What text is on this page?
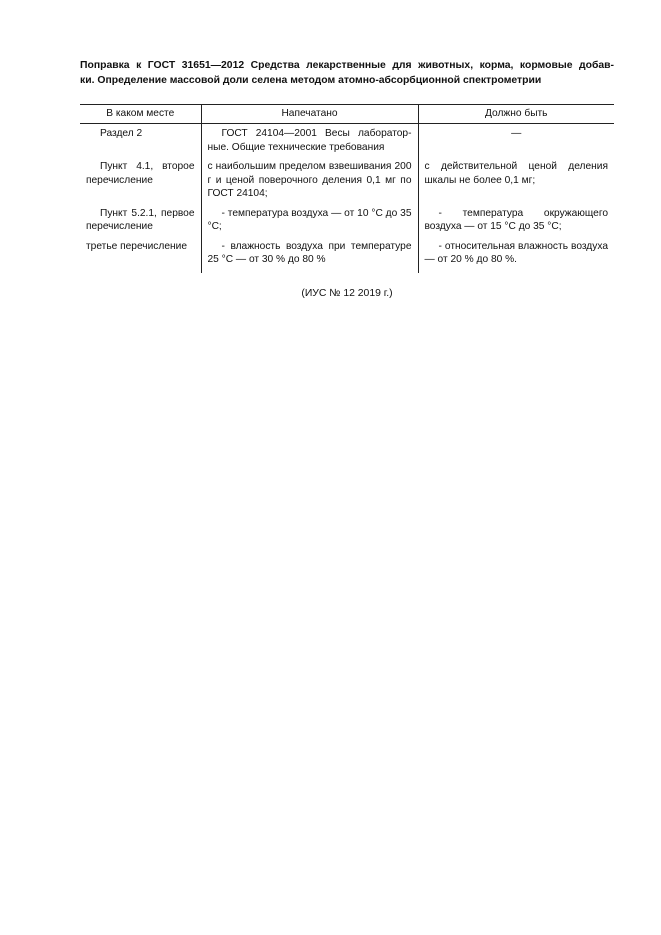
Поправка к ГОСТ 31651—2012 Средства лекарственные для животных, корма, кормовые добав-

ки. Определение массовой доли селена методом атомно-абсорбционной спектрометрии

В каком месте	Напечатано	Должно быть
Раздел 2	ГОСТ 24104—2001 Весы лабораторные. Общие технические требования	—
Пункт 4.1, второе перечисление	с наибольшим пределом взвешивания 200 г и ценой поверочного деления 0,1 мг по ГОСТ 24104;	с действительной ценой деления шкалы не более 0,1 мг;
Пункт 5.2.1, первое перечисление	- температура воздуха — от 10 °С до 35 °С;	- температура окружающего воздуха — от 15 °С до 35 °С;
третье перечисление	- влажность воздуха при температуре 25 °С — от 30 % до 80 %	- относительная влажность воздуха — от 20 % до 80 %.
(ИУС № 12 2019 г.)
